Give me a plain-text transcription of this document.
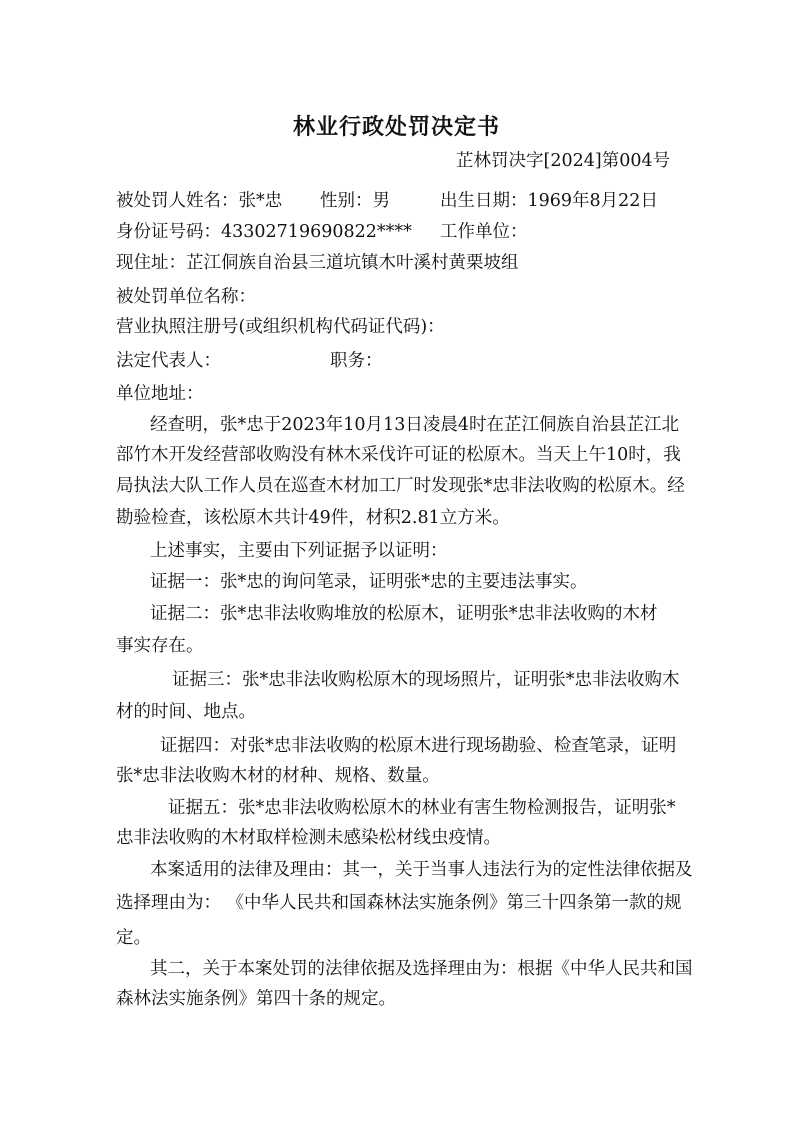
林业行政处罚决定书
芷林罚决字[2024]第004号
被处罚人姓名：张*忠 性别：男	出生日期：1969年8月22日
身份证号码：43302719690822**** 工作单位：
现住址：芷江侗族自治县三道坑镇木叶溪村黄栗坡组
被处罚单位名称：
营业执照注册号(或组织机构代码证代码)：
法定代表人：	职务：
单位地址：
经查明，张*忠于2023年10月13日凌晨4时在芷江侗族自治县芷江北
部竹木开发经营部收购没有林木采伐许可证的松原木。当天上午10时，我
局执法大队工作人员在巡查木材加工厂时发现张*忠非法收购的松原木。经
勘验检查，该松原木共计49件，材积2.81立方米。
上述事实，主要由下列证据予以证明：
证据一：张*忠的询问笔录，证明张*忠的主要违法事实。
证据二：张*忠非法收购堆放的松原木，证明张*忠非法收购的木材
事实存在。
证据三：张*忠非法收购松原木的现场照片，证明张*忠非法收购木
材的时间、地点。
证据四：对张*忠非法收购的松原木进行现场勘验、检查笔录，证明
张*忠非法收购木材的材种、规格、数量。
证据五：张*忠非法收购松原木的林业有害生物检测报告，证明张*
忠非法收购的木材取样检测未感染松材线虫疫情。
本案适用的法律及理由：其一，关于当事人违法行为的定性法律依据及
选择理由为： 《中华人民共和国森林法实施条例》第三十四条第一款的规
定。
其二，关于本案处罚的法律依据及选择理由为：根据《中华人民共和国
森林法实施条例》第四十条的规定。
